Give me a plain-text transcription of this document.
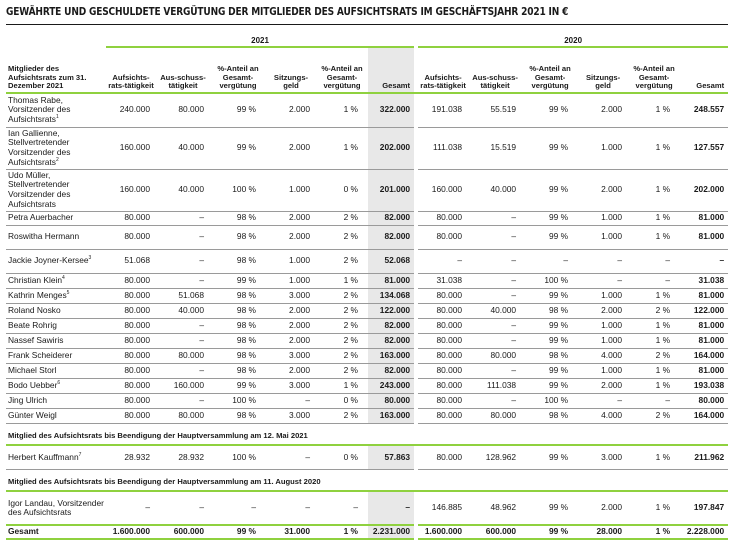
GEWÄHRTE UND GESCHULDETE VERGÜTUNG DER MITGLIEDER DES AUFSICHTSRATS IM GESCHÄFTSJAHR 2021 IN €
	2021							2020					
Mitglieder des Aufsichtsrats zum 31. Dezember 2021	Aufsichts-rats-tätigkeit	Aus-schuss-tätigkeit	%-Anteil an Gesamt-vergütung	Sitzungs-geld	%-Anteil an Gesamt-vergütung	Gesamt		Aufsichts-rats-tätigkeit	Aus-schuss-tätigkeit	%-Anteil an Gesamt-vergütung	Sitzungs-geld	%-Anteil an Gesamt-vergütung	Gesamt
Thomas Rabe, Vorsitzender des Aufsichtsrats$^1$	240.000	80.000	99 %	2.000	1 %	322.000		191.038	55.519	99 %	2.000	1 %	248.557
Ian Gallienne, Stellvertretender Vorsitzender des Aufsichtsrats$^2$	160.000	40.000	99 %	2.000	1 %	202.000		111.038	15.519	99 %	1.000	1 %	127.557
Udo Müller, Stellvertretender Vorsitzender des Aufsichtsrats	160.000	40.000	100 %	1.000	0 %	201.000		160.000	40.000	99 %	2.000	1 %	202.000
Petra Auerbacher	80.000	–	98 %	2.000	2 %	82.000		80.000	–	99 %	1.000	1 %	81.000
Roswitha Hermann	80.000	–	98 %	2.000	2 %	82.000		80.000	–	99 %	1.000	1 %	81.000
Jackie Joyner-Kersee$^3$	51.068	–	98 %	1.000	2 %	52.068		–	–	–	–	–	–
Christian Klein$^4$	80.000	–	99 %	1.000	1 %	81.000		31.038	–	100 %	–	–	31.038
Kathrin Menges$^5$	80.000	51.068	98 %	3.000	2 %	134.068		80.000	–	99 %	1.000	1 %	81.000
Roland Nosko	80.000	40.000	98 %	2.000	2 %	122.000		80.000	40.000	98 %	2.000	2 %	122.000
Beate Rohrig	80.000	–	98 %	2.000	2 %	82.000		80.000	–	99 %	1.000	1 %	81.000
Nassef Sawiris	80.000	–	98 %	2.000	2 %	82.000		80.000	–	99 %	1.000	1 %	81.000
Frank Scheiderer	80.000	80.000	98 %	3.000	2 %	163.000		80.000	80.000	98 %	4.000	2 %	164.000
Michael Storl	80.000	–	98 %	2.000	2 %	82.000		80.000	–	99 %	1.000	1 %	81.000
Bodo Uebber$^6$	80.000	160.000	99 %	3.000	1 %	243.000		80.000	111.038	99 %	2.000	1 %	193.038
Jing Ulrich	80.000	–	100 %	–	0 %	80.000		80.000	–	100 %	–	–	80.000
Günter Weigl	80.000	80.000	98 %	3.000	2 %	163.000		80.000	80.000	98 %	4.000	2 %	164.000
Mitglied des Aufsichtsrats bis Beendigung der Hauptversammlung am 12. Mai 2021													
Herbert Kauffmann$^7$	28.932	28.932	100 %	–	0 %	57.863		80.000	128.962	99 %	3.000	1 %	211.962
Mitglied des Aufsichtsrats bis Beendigung der Hauptversammlung am 11. August 2020													
Igor Landau, Vorsitzender des Aufsichtsrats	–	–	–	–	–	–		146.885	48.962	99 %	2.000	1 %	197.847
Gesamt	1.600.000	600.000	99 %	31.000	1 %	2.231.000		1.600.000	600.000	99 %	28.000	1 %	2.228.000
